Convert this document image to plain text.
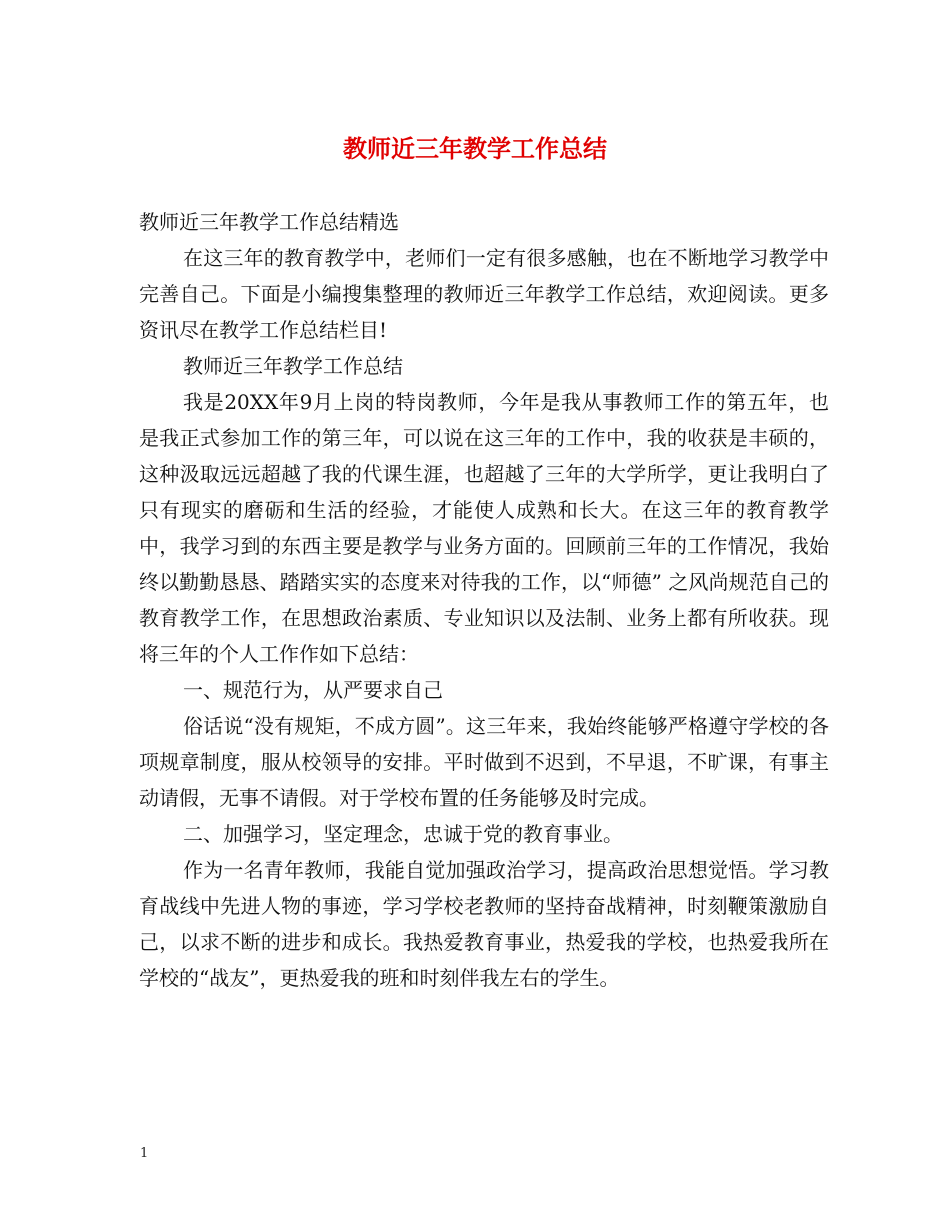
教师近三年教学工作总结

教师近三年教学工作总结精选

在这三年的教育教学中，老师们一定有很多感触，也在不断地学习教学中完善自己。下面是小编搜集整理的教师近三年教学工作总结，欢迎阅读。更多资讯尽在教学工作总结栏目!

教师近三年教学工作总结

我是20XX年9月上岗的特岗教师，今年是我从事教师工作的第五年，也是我正式参加工作的第三年，可以说在这三年的工作中，我的收获是丰硕的，这种汲取远远超越了我的代课生涯，也超越了三年的大学所学，更让我明白了只有现实的磨砺和生活的经验，才能使人成熟和长大。在这三年的教育教学中，我学习到的东西主要是教学与业务方面的。回顾前三年的工作情况，我始终以勤勤恳恳、踏踏实实的态度来对待我的工作，以“师德” 之风尚规范自己的教育教学工作，在思想政治素质、专业知识以及法制、业务上都有所收获。现将三年的个人工作作如下总结：

一、规范行为，从严要求自己

俗话说“没有规矩，不成方圆”。这三年来，我始终能够严格遵守学校的各项规章制度，服从校领导的安排。平时做到不迟到，不早退，不旷课，有事主动请假，无事不请假。对于学校布置的任务能够及时完成。

二、加强学习，坚定理念，忠诚于党的教育事业。

作为一名青年教师，我能自觉加强政治学习，提高政治思想觉悟。学习教育战线中先进人物的事迹，学习学校老教师的坚持奋战精神，时刻鞭策激励自己，以求不断的进步和成长。我热爱教育事业，热爱我的学校，也热爱我所在学校的“战友”，更热爱我的班和时刻伴我左右的学生。

1
